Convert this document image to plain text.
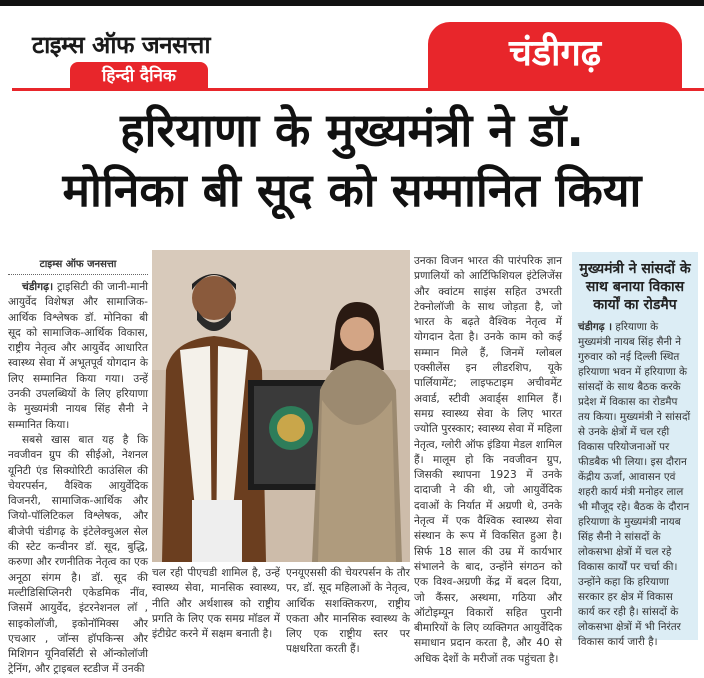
टाइम्स ऑफ जनसत्ता
हिन्दी दैनिक
चंडीगढ़
हरियाणा के मुख्यमंत्री ने डॉ.
मोनिका बी सूद को सम्मानित किया
टाइम्स ऑफ जनसत्ता

चंडीगढ़। ट्राइसिटी की जानी-मानी आयुर्वेद विशेषज्ञ और सामाजिक-आर्थिक विश्लेषक डॉ. मोनिका बी सूद को सामाजिक-आर्थिक विकास, राष्ट्रीय नेतृत्व और आयुर्वेद आधारित स्वास्थ्य सेवा में अभूतपूर्व योगदान के लिए सम्मानित किया गया। उन्हें उनकी उपलब्धियों के लिए हरियाणा के मुख्यमंत्री नायब सिंह सैनी ने सम्मानित किया।

सबसे खास बात यह है कि नवजीवन ग्रुप की सीईओ, नेशनल यूनिटी एंड सिक्योरिटी काउंसिल की चेयरपर्सन, वैश्विक आयुर्वेदिक विजनरी, सामाजिक-आर्थिक और जियो-पॉलिटिकल विश्लेषक, और बीजेपी चंडीगढ़ के इंटेलेक्चुअल सेल की स्टेट कन्वीनर डॉ. सूद, बुद्धि, करुणा और रणनीतिक नेतृत्व का एक अनूठा संगम है। डॉ. सूद की मल्टीडिसिप्लिनरी एकेडमिक नींव, जिसमें आयुर्वेद, इंटरनेशनल लॉ , साइकोलॉजी, इकोनॉमिक्स और एचआर , जॉन्स हॉपकिन्स और मिशिगन यूनिवर्सिटी से ऑन्कोलॉजी ट्रेनिंग, और ट्राइबल स्टडीज में उनकी

चल रही पीएचडी शामिल है, उन्हें स्वास्थ्य सेवा, मानसिक स्वास्थ्य, नीति और अर्थशास्त्र को राष्ट्रीय प्रगति के लिए एक समग्र मॉडल में इंटीग्रेट करने में सक्षम बनाती है।
एनयूएससी की चेयरपर्सन के तौर पर, डॉ. सूद महिलाओं के नेतृत्व, आर्थिक सशक्तिकरण, राष्ट्रीय एकता और मानसिक स्वास्थ्य के लिए एक राष्ट्रीय स्तर पर पक्षधरिता करती हैं।
उनका विजन भारत की पारंपरिक ज्ञान प्रणालियों को आर्टिफिशियल इंटेलिजेंस और क्वांटम साइंस सहित उभरती टेक्नोलॉजी के साथ जोड़ता है, जो भारत के बढ़ते वैश्विक नेतृत्व में योगदान देता है। उनके काम को कई सम्मान मिले हैं, जिनमें ग्लोबल एक्सीलेंस इन लीडरशिप, यूके पार्लियामेंट; लाइफटाइम अचीवमेंट अवार्ड, स्टीवी अवार्ड्स शामिल हैं। समग्र स्वास्थ्य सेवा के लिए भारत ज्योति पुरस्कार; स्वास्थ्य सेवा में महिला नेतृत्व, ग्लोरी ऑफ इंडिया मेडल शामिल हैं। मालूम हो कि नवजीवन ग्रुप, जिसकी स्थापना 1923 में उनके दादाजी ने की थी, जो आयुर्वेदिक दवाओं के निर्यात में अग्रणी थे, उनके नेतृत्व में एक वैश्विक स्वास्थ्य सेवा संस्थान के रूप में विकसित हुआ है। सिर्फ 18 साल की उम्र में कार्यभार संभालने के बाद, उन्होंने संगठन को एक विश्व-अग्रणी केंद्र में बदल दिया, जो कैंसर, अस्थमा, गठिया और ऑटोइम्यून विकारों सहित पुरानी बीमारियों के लिए व्यक्तिगत आयुर्वेदिक समाधान प्रदान करता है, और 40 से अधिक देशों के मरीजों तक पहुंचता है।
मुख्यमंत्री ने सांसदों के साथ बनाया विकास कार्यों का रोडमैप
चंडीगढ़ । हरियाणा के मुख्यमंत्री नायब सिंह सैनी ने गुरुवार को नई दिल्ली स्थित हरियाणा भवन में हरियाणा के सांसदों के साथ बैठक करके प्रदेश में विकास का रोडमैप तय किया। मुख्यमंत्री ने सांसदों से उनके क्षेत्रों में चल रही विकास परियोजनाओं पर फीडबैक भी लिया। इस दौरान केंद्रीय ऊर्जा, आवासन एवं शहरी कार्य मंत्री मनोहर लाल भी मौजूद रहे। बैठक के दौरान हरियाणा के मुख्यमंत्री नायब सिंह सैनी ने सांसदों के लोकसभा क्षेत्रों में चल रहे विकास कार्यों पर चर्चा की। उन्होंने कहा कि हरियाणा सरकार हर क्षेत्र में विकास कार्य कर रही है। सांसदों के लोकसभा क्षेत्रों में भी निरंतर विकास कार्य जारी है।
